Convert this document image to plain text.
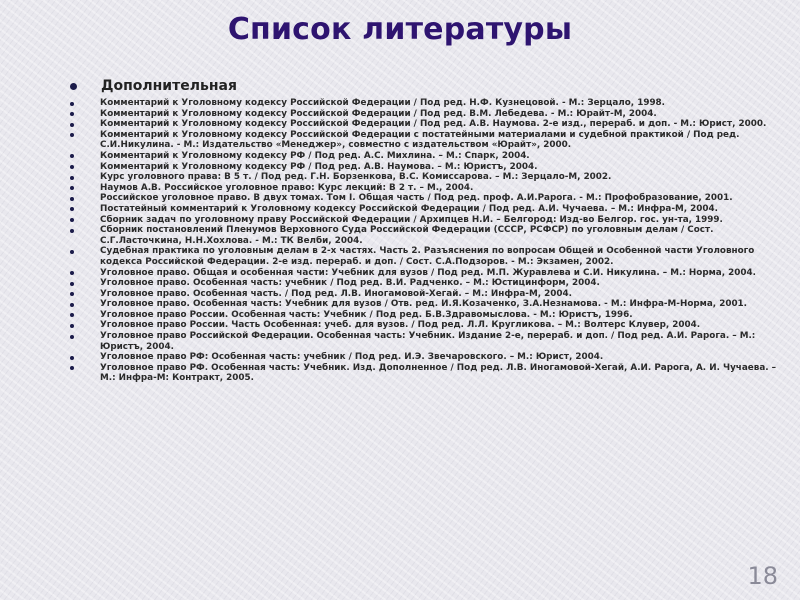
Список литературы
Дополнительная
Комментарий к Уголовному кодексу Российской Федерации / Под ред. Н.Ф. Кузнецовой. - М.: Зерцало, 1998.
Комментарий к Уголовному кодексу Российской Федерации / Под ред. В.М. Лебедева. - М.: Юрайт-М, 2004.
Комментарий к Уголовному кодексу Российской Федерации / Под ред. А.В. Наумова. 2-е изд., перераб. и доп. - М.: Юрист, 2000.
Комментарий к Уголовному кодексу Российской Федерации с постатейными материалами и судебной практикой / Под ред. С.И.Никулина. - М.: Издательство «Менеджер», совместно с издательством «Юрайт», 2000.
Комментарий к Уголовному кодексу РФ / Под ред. А.С. Михлина. – М.: Спарк, 2004.
Комментарий к Уголовному кодексу РФ / Под ред. А.В. Наумова. – М.: Юристъ, 2004.
Курс уголовного права: В 5 т. / Под ред. Г.Н. Борзенкова, В.С. Комиссарова. – М.: Зерцало-М, 2002.
Наумов А.В. Российское уголовное право: Курс лекций: В 2 т. – М., 2004.
Российское уголовное право. В двух томах. Том I. Общая часть / Под ред. проф. А.И.Рарога. - М.: Профобразование, 2001.
Постатейный комментарий к Уголовному кодексу Российской Федерации / Под ред. А.И. Чучаева. – М.: Инфра-М, 2004.
Сборник задач по уголовному праву Российской Федерации / Архипцев Н.И. – Белгород: Изд-во Белгор. гос. ун-та, 1999.
Сборник постановлений Пленумов Верховного Суда Российской Федерации (СССР, РСФСР) по уголовным делам / Сост. С.Г.Ласточкина, Н.Н.Хохлова. - М.: ТК Велби, 2004.
Судебная практика по уголовным делам в 2-х частях. Часть 2. Разъяснения по вопросам Общей и Особенной части Уголовного кодекса Российской Федерации. 2-е изд. перераб. и доп. / Сост. С.А.Подзоров. - М.: Экзамен, 2002.
Уголовное право. Общая и особенная части: Учебник для вузов / Под ред. М.П. Журавлева и С.И. Никулина. – М.: Норма, 2004.
Уголовное право. Особенная часть: учебник / Под ред. В.И. Радченко. – М.: Юстицинформ, 2004.
Уголовное право. Особенная часть. / Под ред. Л.В. Иногамовой-Хегай. – М.: Инфра-М, 2004.
Уголовное право. Особенная часть: Учебник для вузов / Отв. ред. И.Я.Козаченко, З.А.Незнамова. - М.: Инфра-М-Норма, 2001.
Уголовное право России. Особенная часть: Учебник / Под ред. Б.В.Здравомыслова. - М.: Юристъ, 1996.
Уголовное право России. Часть Особенная: учеб. для вузов. / Под ред. Л.Л. Кругликова. – М.: Волтерс Клувер, 2004.
Уголовное право Российской Федерации. Особенная часть: Учебник. Издание 2-е, перераб. и доп. / Под ред. А.И. Рарога. – М.: Юристъ, 2004.
Уголовное право РФ: Особенная часть: учебник / Под ред. И.Э. Звечаровского. – М.: Юрист, 2004.
Уголовное право РФ. Особенная часть: Учебник. Изд. Дополненное / Под ред. Л.В. Иногамовой-Хегай, А.И. Рарога, А. И. Чучаева. – М.: Инфра-М: Контракт, 2005.
18
